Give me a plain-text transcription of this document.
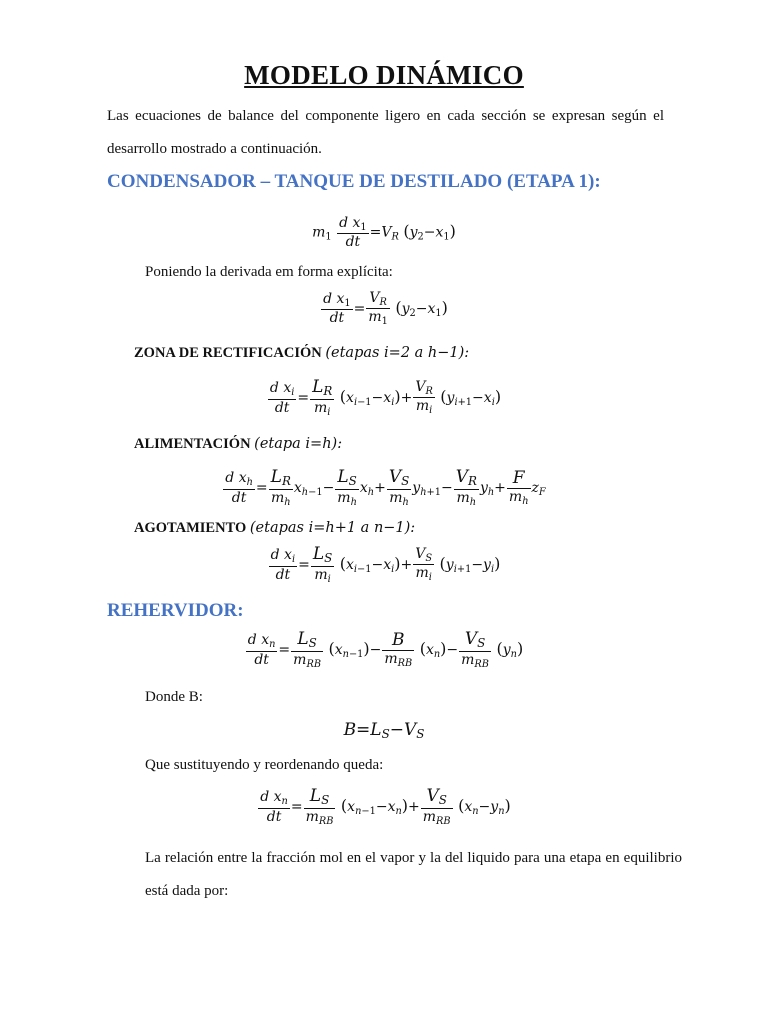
MODELO DINÁMICO
Las ecuaciones de balance del componente ligero en cada sección se expresan según el desarrollo mostrado a continuación.
CONDENSADOR – TANQUE DE DESTILADO (ETAPA 1):
$m_1 \frac{d x_1}{dt} =V_R$ $(y_2-x_1)$
Poniendo la derivada em forma explícita:
$\frac{d x_1}{dt} = \frac{V_R}{m_1} (y_2-x_1)$
ZONA DE RECTIFICACIÓN (etapas i=2 a h−1):
$\frac{d x_i}{dt}$ =
$L_R$
$m_i$
$(x_{i-1}-x_i)+ \frac{V_R}{m_i} (y_{i+1}-x_i)$
ALIMENTACIÓN (etapa i=h):
$\frac{d x_h}{dt}$ =
$L_R$
$m_h$
$x_{h-1}-$
$L_S$
$m_h$
$x_h+$
$V_S$
$m_h$
$y_{h+1}-$
$V_R$
$m_h$
$y_h+$
F
$m_h$
$z_F$
AGOTAMIENTO (etapas i=h+1 a n−1):
$\frac{d x_i}{dt}$ =
$L_S$
$m_i$
$(x_{i-1}-x_i)+ \frac{V_S}{m_i} (y_{i+1}-y_i)$
REHERVIDOR:
$\frac{d x_n}{dt}$ =
$L_S$
$m_{RB}$
$(x_{n-1})-$
B
$m_{RB}$
$(x_n)-$
$V_S$
$m_{RB}$
$(y_n)$
Donde B:
$B=L_S-V_S$
Que sustituyendo y reordenando queda:
$\frac{d x_n}{dt}$ =
$L_S$
$m_{RB}$
$(x_{n-1}-x_n)+$
$V_S$
$m_{RB}$
$(x_n-y_n)$
La relación entre la fracción mol en el vapor y la del liquido para una etapa en equilibrio está dada por:
